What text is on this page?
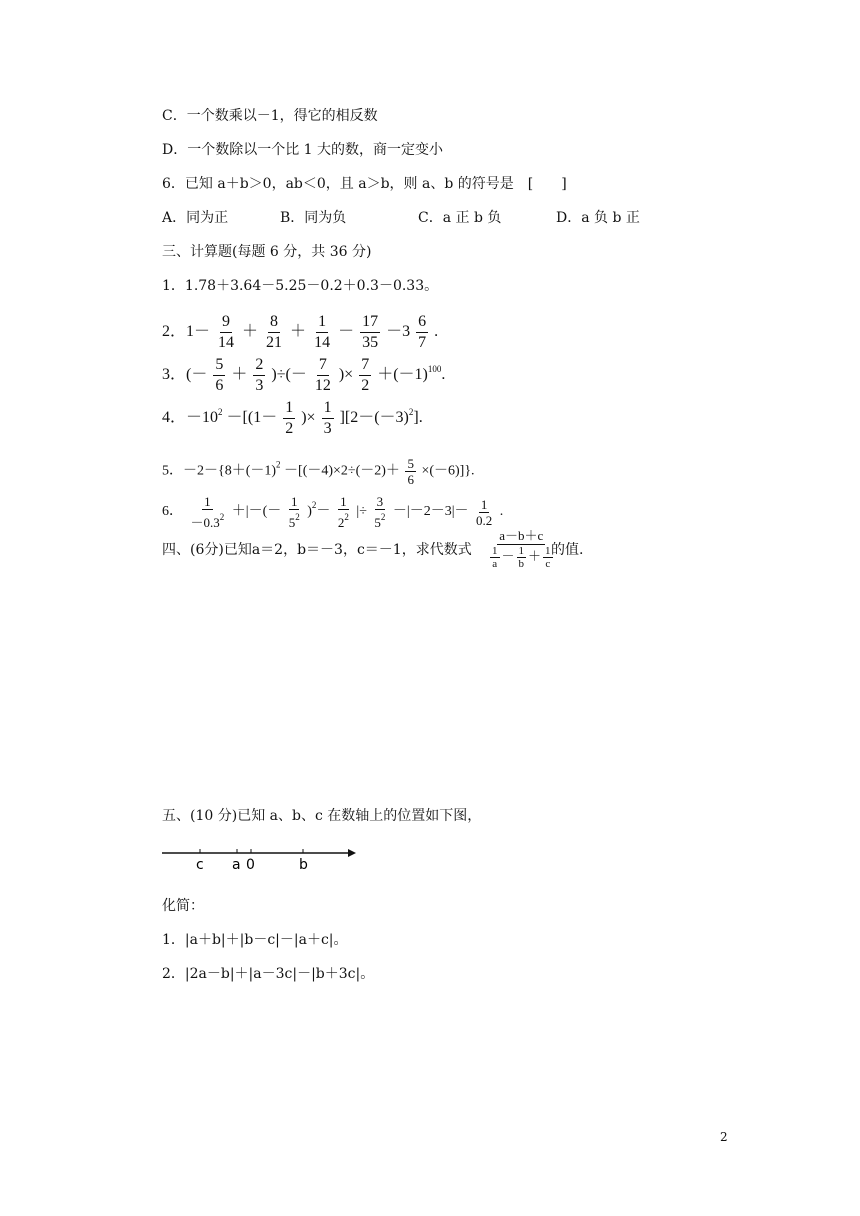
C．一个数乘以－1，得它的相反数
D．一个数除以一个比 1 大的数，商一定变小
6．已知 a＋b＞0，ab＜0，且 a＞b，则 a、b 的符号是　[　　]
A．同为正	B．同为负	C．a 正 b 负	D．a 负 b 正
三、计算题(每题 6 分，共 36 分)
1．1.78＋3.64－5.25－0.2＋0.3－0.33。
2．$1- \frac{9}{14} + \frac{8}{21} + \frac{1}{14} - \frac{17}{35} -3 \frac{6}{7}$ .
3．(－ $\frac{5}{6} + \frac{2}{3}$ )÷(－ $\frac{7}{12}$ )× $\frac{7}{2} +(-1)^{100}$.
4．$-10^2 -[(1- \frac{1}{2}$ )× $\frac{1}{3} ][2-(-3)^2]$.
5．$-2-\{8+(-1)^2 -[(-4)\times 2\div(-2)+ \frac{5}{6} \times(-6)]\}$.
6． $\frac{1}{-0.3^2}$ ＋|－(－ $\frac{1}{5^2} )^2- \frac{1}{2^2}$ |÷ $\frac{3}{5^2} -|-2-3|- \frac{1}{0.2}$ .
四、(6分)已知a＝2，b＝－3，c＝－1，求代数式 $\frac{a-b+c}{\frac{1}{a} - \frac{1}{b} + \frac{1}{c}}$
的值.
五、(10 分)已知 a、b、c 在数轴上的位置如下图，
c a 0	b
化简：
1．|a＋b|＋|b－c|－|a＋c|。
2．|2a－b|＋|a－3c|－|b＋3c|。
2
